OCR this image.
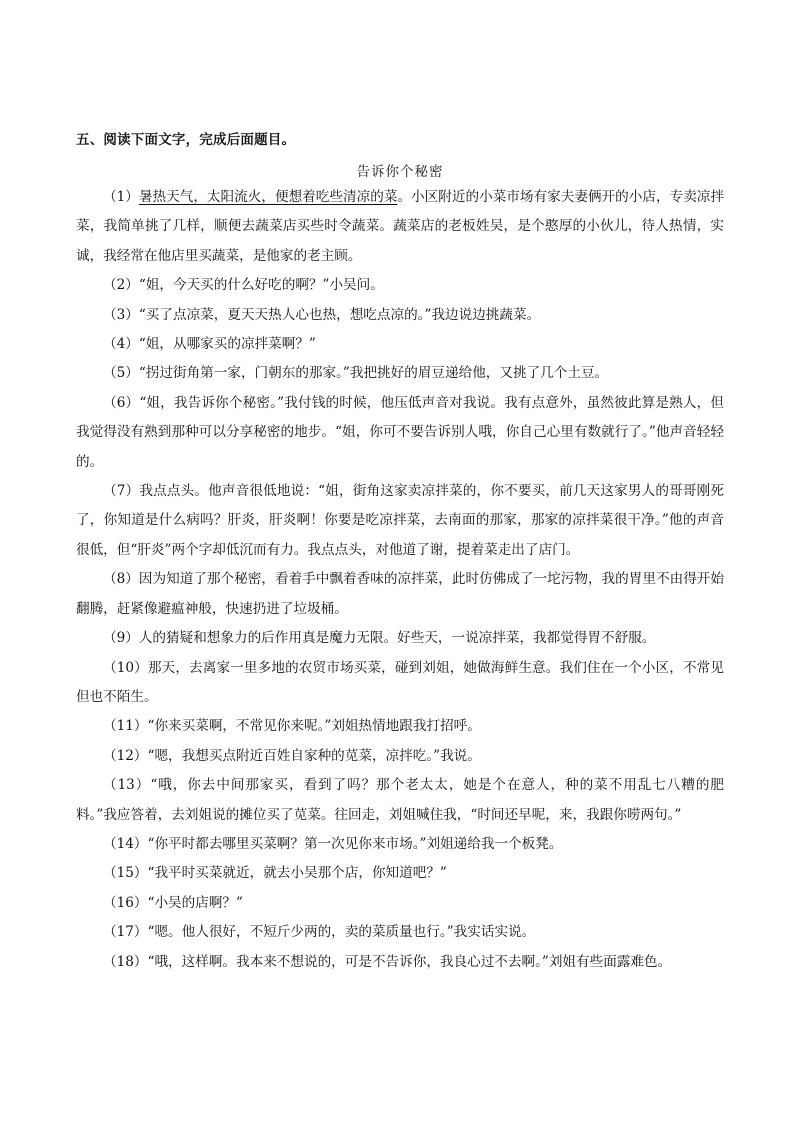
五、阅读下面文字，完成后面题目。
告诉你个秘密

（1）暑热天气，太阳流火，便想着吃些清凉的菜。小区附近的小菜市场有家夫妻俩开的小店，专卖凉拌菜，我简单挑了几样，顺便去蔬菜店买些时令蔬菜。蔬菜店的老板姓吴，是个憨厚的小伙儿，待人热情，实诚，我经常在他店里买蔬菜，是他家的老主顾。

（2）“姐，今天买的什么好吃的啊？”小吴问。

（3）“买了点凉菜，夏天天热人心也热，想吃点凉的。”我边说边挑蔬菜。

（4）“姐，从哪家买的凉拌菜啊？”

（5）“拐过街角第一家，门朝东的那家。”我把挑好的眉豆递给他，又挑了几个土豆。

（6）“姐，我告诉你个秘密。”我付钱的时候，他压低声音对我说。我有点意外，虽然彼此算是熟人，但我觉得没有熟到那种可以分享秘密的地步。“姐，你可不要告诉别人哦，你自己心里有数就行了。”他声音轻轻的。

（7）我点点头。他声音很低地说：“姐，街角这家卖凉拌菜的，你不要买，前几天这家男人的哥哥刚死了，你知道是什么病吗？肝炎，肝炎啊！你要是吃凉拌菜，去南面的那家，那家的凉拌菜很干净。”他的声音很低，但“肝炎”两个字却低沉而有力。我点点头，对他道了谢，提着菜走出了店门。

（8）因为知道了那个秘密，看着手中飘着香味的凉拌菜，此时仿佛成了一坨污物，我的胃里不由得开始翻腾，赶紧像避瘟神般，快速扔进了垃圾桶。

（9）人的猜疑和想象力的后作用真是魔力无限。好些天，一说凉拌菜，我都觉得胃不舒服。

（10）那天，去离家一里多地的农贸市场买菜，碰到刘姐，她做海鲜生意。我们住在一个小区，不常见但也不陌生。

（11）“你来买菜啊，不常见你来呢。”刘姐热情地跟我打招呼。

（12）“嗯，我想买点附近百姓自家种的苋菜，凉拌吃。”我说。

（13）“哦，你去中间那家买，看到了吗？那个老太太，她是个在意人，种的菜不用乱七八糟的肥料。”我应答着，去刘姐说的摊位买了苋菜。往回走，刘姐喊住我，“时间还早呢，来，我跟你唠两句。”

（14）“你平时都去哪里买菜啊？第一次见你来市场。”刘姐递给我一个板凳。

（15）“我平时买菜就近，就去小吴那个店，你知道吧？”

（16）“小吴的店啊？”

（17）“嗯。他人很好，不短斤少两的，卖的菜质量也行。”我实话实说。

（18）“哦，这样啊。我本来不想说的，可是不告诉你，我良心过不去啊。”刘姐有些面露难色。
